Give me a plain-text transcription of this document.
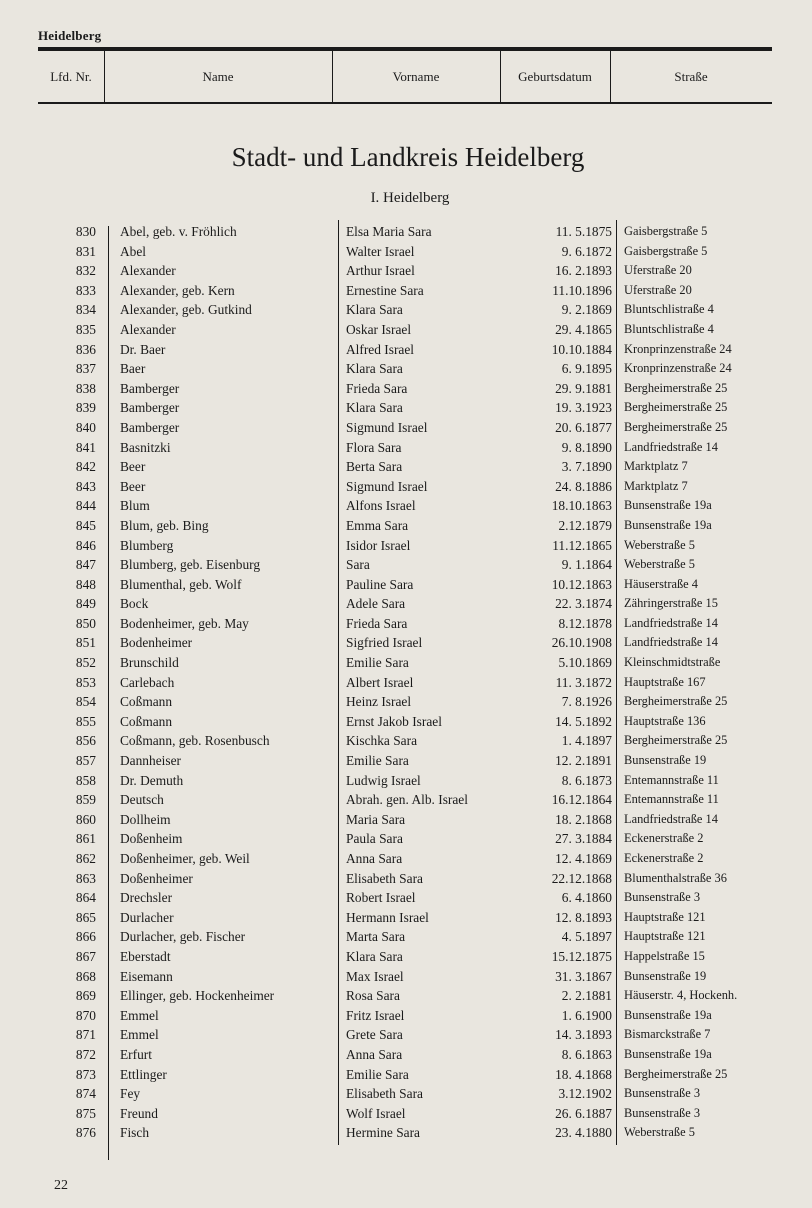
Heidelberg
Lfd. Nr.	Name	Vorname	Geburtsdatum	Straße
Stadt- und Landkreis Heidelberg
I. Heidelberg
830 Abel, geb. v. Fröhlich	Elsa Maria Sara	11. 5.1875 Gaisbergstraße 5
831 Abel	Walter Israel	9. 6.1872 Gaisbergstraße 5
832 Alexander	Arthur Israel	16. 2.1893 Uferstraße 20
833 Alexander, geb. Kern	Ernestine Sara	11.10.1896 Uferstraße 20
834 Alexander, geb. Gutkind	Klara Sara	9. 2.1869 Bluntschlistraße 4
835 Alexander	Oskar Israel	29. 4.1865 Bluntschlistraße 4
836 Dr. Baer	Alfred Israel	10.10.1884 Kronprinzenstraße 24
837 Baer	Klara Sara	6. 9.1895 Kronprinzenstraße 24
838 Bamberger	Frieda Sara	29. 9.1881 Bergheimerstraße 25
839 Bamberger	Klara Sara	19. 3.1923 Bergheimerstraße 25
840 Bamberger	Sigmund Israel	20. 6.1877 Bergheimerstraße 25
841 Basnitzki	Flora Sara	9. 8.1890 Landfriedstraße 14
842 Beer	Berta Sara	3. 7.1890 Marktplatz 7
843 Beer	Sigmund Israel	24. 8.1886 Marktplatz 7
844 Blum	Alfons Israel	18.10.1863 Bunsenstraße 19a
845 Blum, geb. Bing	Emma Sara	2.12.1879 Bunsenstraße 19a
846 Blumberg	Isidor Israel	11.12.1865 Weberstraße 5
847 Blumberg, geb. Eisenburg	Sara	9. 1.1864 Weberstraße 5
848 Blumenthal, geb. Wolf	Pauline Sara	10.12.1863 Häuserstraße 4
849 Bock	Adele Sara	22. 3.1874 Zähringerstraße 15
850 Bodenheimer, geb. May	Frieda Sara	8.12.1878 Landfriedstraße 14
851 Bodenheimer	Sigfried Israel	26.10.1908 Landfriedstraße 14
852 Brunschild	Emilie Sara	5.10.1869 Kleinschmidtstraße
853 Carlebach	Albert Israel	11. 3.1872 Hauptstraße 167
854 Coßmann	Heinz Israel	7. 8.1926 Bergheimerstraße 25
855 Coßmann	Ernst Jakob Israel	14. 5.1892 Hauptstraße 136
856 Coßmann, geb. Rosenbusch	Kischka Sara	1. 4.1897 Bergheimerstraße 25
857 Dannheiser	Emilie Sara	12. 2.1891 Bunsenstraße 19
858 Dr. Demuth	Ludwig Israel	8. 6.1873 Entemannstraße 11
859 Deutsch	Abrah. gen. Alb. Israel	16.12.1864 Entemannstraße 11
860 Dollheim	Maria Sara	18. 2.1868 Landfriedstraße 14
861 Doßenheim	Paula Sara	27. 3.1884 Eckenerstraße 2
862 Doßenheimer, geb. Weil	Anna Sara	12. 4.1869 Eckenerstraße 2
863 Doßenheimer	Elisabeth Sara	22.12.1868 Blumenthalstraße 36
864 Drechsler	Robert Israel	6. 4.1860 Bunsenstraße 3
865 Durlacher	Hermann Israel	12. 8.1893 Hauptstraße 121
866 Durlacher, geb. Fischer	Marta Sara	4. 5.1897 Hauptstraße 121
867 Eberstadt	Klara Sara	15.12.1875 Happelstraße 15
868 Eisemann	Max Israel	31. 3.1867 Bunsenstraße 19
869 Ellinger, geb. Hockenheimer	Rosa Sara	2. 2.1881 Häuserstr. 4, Hockenh.
870 Emmel	Fritz Israel	1. 6.1900 Bunsenstraße 19a
871 Emmel	Grete Sara	14. 3.1893 Bismarckstraße 7
872 Erfurt	Anna Sara	8. 6.1863 Bunsenstraße 19a
873 Ettlinger	Emilie Sara	18. 4.1868 Bergheimerstraße 25
874 Fey	Elisabeth Sara	3.12.1902 Bunsenstraße 3
875 Freund	Wolf Israel	26. 6.1887 Bunsenstraße 3
876 Fisch	Hermine Sara	23. 4.1880 Weberstraße 5
22
